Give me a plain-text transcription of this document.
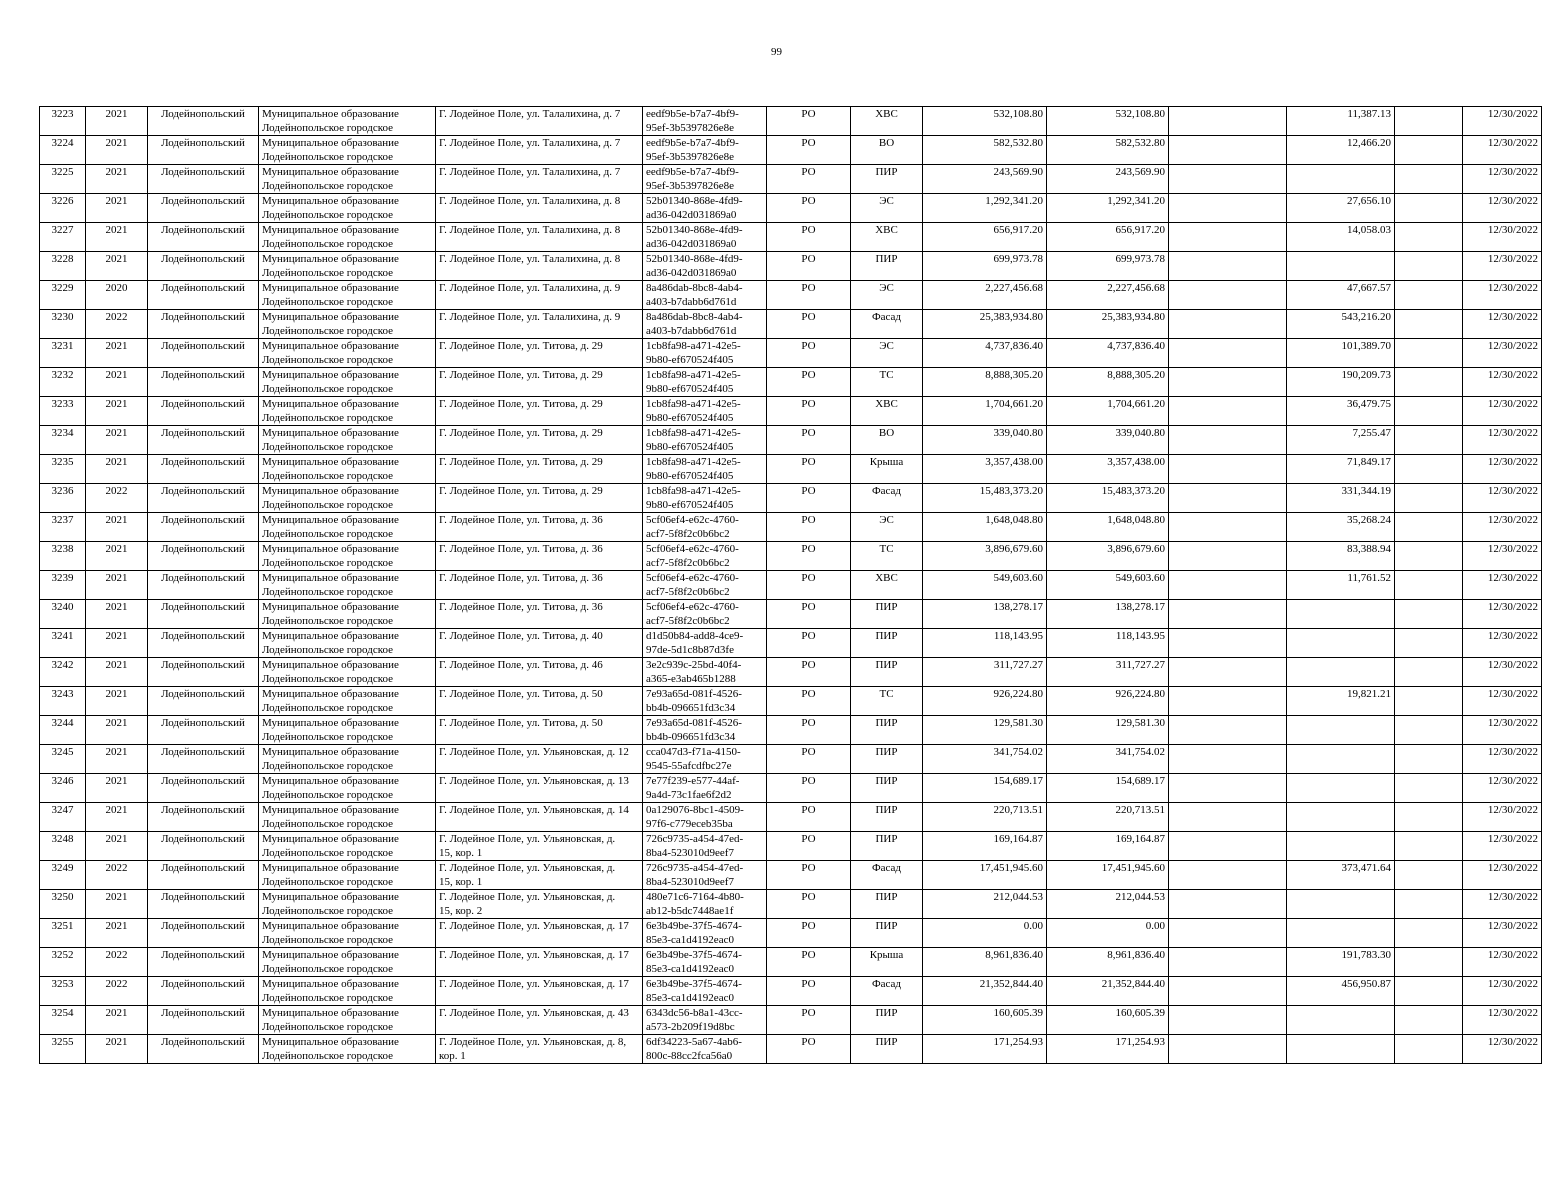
99
3223	2021	Лодейнопольский	Муниципальное образование
Лодейнопольское городское	Г. Лодейное Поле, ул. Талалихина, д. 7	eedf9b5e-b7a7-4bf9-
95ef-3b5397826e8e	РО	ХВС	532,108.80	532,108.80		11,387.13		12/30/2022
3224	2021	Лодейнопольский	Муниципальное образование
Лодейнопольское городское	Г. Лодейное Поле, ул. Талалихина, д. 7	eedf9b5e-b7a7-4bf9-
95ef-3b5397826e8e	РО	ВО	582,532.80	582,532.80		12,466.20		12/30/2022
3225	2021	Лодейнопольский	Муниципальное образование
Лодейнопольское городское	Г. Лодейное Поле, ул. Талалихина, д. 7	eedf9b5e-b7a7-4bf9-
95ef-3b5397826e8e	РО	ПИР	243,569.90	243,569.90				12/30/2022
3226	2021	Лодейнопольский	Муниципальное образование
Лодейнопольское городское	Г. Лодейное Поле, ул. Талалихина, д. 8	52b01340-868e-4fd9-
ad36-042d031869a0	РО	ЭС	1,292,341.20	1,292,341.20		27,656.10		12/30/2022
3227	2021	Лодейнопольский	Муниципальное образование
Лодейнопольское городское	Г. Лодейное Поле, ул. Талалихина, д. 8	52b01340-868e-4fd9-
ad36-042d031869a0	РО	ХВС	656,917.20	656,917.20		14,058.03		12/30/2022
3228	2021	Лодейнопольский	Муниципальное образование
Лодейнопольское городское	Г. Лодейное Поле, ул. Талалихина, д. 8	52b01340-868e-4fd9-
ad36-042d031869a0	РО	ПИР	699,973.78	699,973.78				12/30/2022
3229	2020	Лодейнопольский	Муниципальное образование
Лодейнопольское городское	Г. Лодейное Поле, ул. Талалихина, д. 9	8a486dab-8bc8-4ab4-
a403-b7dabb6d761d	РО	ЭС	2,227,456.68	2,227,456.68		47,667.57		12/30/2022
3230	2022	Лодейнопольский	Муниципальное образование
Лодейнопольское городское	Г. Лодейное Поле, ул. Талалихина, д. 9	8a486dab-8bc8-4ab4-
a403-b7dabb6d761d	РО	Фасад	25,383,934.80	25,383,934.80		543,216.20		12/30/2022
3231	2021	Лодейнопольский	Муниципальное образование
Лодейнопольское городское	Г. Лодейное Поле, ул. Титова, д. 29	1cb8fa98-a471-42e5-
9b80-ef670524f405	РО	ЭС	4,737,836.40	4,737,836.40		101,389.70		12/30/2022
3232	2021	Лодейнопольский	Муниципальное образование
Лодейнопольское городское	Г. Лодейное Поле, ул. Титова, д. 29	1cb8fa98-a471-42e5-
9b80-ef670524f405	РО	ТС	8,888,305.20	8,888,305.20		190,209.73		12/30/2022
3233	2021	Лодейнопольский	Муниципальное образование
Лодейнопольское городское	Г. Лодейное Поле, ул. Титова, д. 29	1cb8fa98-a471-42e5-
9b80-ef670524f405	РО	ХВС	1,704,661.20	1,704,661.20		36,479.75		12/30/2022
3234	2021	Лодейнопольский	Муниципальное образование
Лодейнопольское городское	Г. Лодейное Поле, ул. Титова, д. 29	1cb8fa98-a471-42e5-
9b80-ef670524f405	РО	ВО	339,040.80	339,040.80		7,255.47		12/30/2022
3235	2021	Лодейнопольский	Муниципальное образование
Лодейнопольское городское	Г. Лодейное Поле, ул. Титова, д. 29	1cb8fa98-a471-42e5-
9b80-ef670524f405	РО	Крыша	3,357,438.00	3,357,438.00		71,849.17		12/30/2022
3236	2022	Лодейнопольский	Муниципальное образование
Лодейнопольское городское	Г. Лодейное Поле, ул. Титова, д. 29	1cb8fa98-a471-42e5-
9b80-ef670524f405	РО	Фасад	15,483,373.20	15,483,373.20		331,344.19		12/30/2022
3237	2021	Лодейнопольский	Муниципальное образование
Лодейнопольское городское	Г. Лодейное Поле, ул. Титова, д. 36	5cf06ef4-e62c-4760-
acf7-5f8f2c0b6bc2	РО	ЭС	1,648,048.80	1,648,048.80		35,268.24		12/30/2022
3238	2021	Лодейнопольский	Муниципальное образование
Лодейнопольское городское	Г. Лодейное Поле, ул. Титова, д. 36	5cf06ef4-e62c-4760-
acf7-5f8f2c0b6bc2	РО	ТС	3,896,679.60	3,896,679.60		83,388.94		12/30/2022
3239	2021	Лодейнопольский	Муниципальное образование
Лодейнопольское городское	Г. Лодейное Поле, ул. Титова, д. 36	5cf06ef4-e62c-4760-
acf7-5f8f2c0b6bc2	РО	ХВС	549,603.60	549,603.60		11,761.52		12/30/2022
3240	2021	Лодейнопольский	Муниципальное образование
Лодейнопольское городское	Г. Лодейное Поле, ул. Титова, д. 36	5cf06ef4-e62c-4760-
acf7-5f8f2c0b6bc2	РО	ПИР	138,278.17	138,278.17				12/30/2022
3241	2021	Лодейнопольский	Муниципальное образование
Лодейнопольское городское	Г. Лодейное Поле, ул. Титова, д. 40	d1d50b84-add8-4ce9-
97de-5d1c8b87d3fe	РО	ПИР	118,143.95	118,143.95				12/30/2022
3242	2021	Лодейнопольский	Муниципальное образование
Лодейнопольское городское	Г. Лодейное Поле, ул. Титова, д. 46	3e2c939c-25bd-40f4-
a365-e3ab465b1288	РО	ПИР	311,727.27	311,727.27				12/30/2022
3243	2021	Лодейнопольский	Муниципальное образование
Лодейнопольское городское	Г. Лодейное Поле, ул. Титова, д. 50	7e93a65d-081f-4526-
bb4b-096651fd3c34	РО	ТС	926,224.80	926,224.80		19,821.21		12/30/2022
3244	2021	Лодейнопольский	Муниципальное образование
Лодейнопольское городское	Г. Лодейное Поле, ул. Титова, д. 50	7e93a65d-081f-4526-
bb4b-096651fd3c34	РО	ПИР	129,581.30	129,581.30				12/30/2022
3245	2021	Лодейнопольский	Муниципальное образование
Лодейнопольское городское	Г. Лодейное Поле, ул. Ульяновская, д. 12	cca047d3-f71a-4150-
9545-55afcdfbc27e	РО	ПИР	341,754.02	341,754.02				12/30/2022
3246	2021	Лодейнопольский	Муниципальное образование
Лодейнопольское городское	Г. Лодейное Поле, ул. Ульяновская, д. 13	7e77f239-e577-44af-
9a4d-73c1fae6f2d2	РО	ПИР	154,689.17	154,689.17				12/30/2022
3247	2021	Лодейнопольский	Муниципальное образование
Лодейнопольское городское	Г. Лодейное Поле, ул. Ульяновская, д. 14	0a129076-8bc1-4509-
97f6-c779eceb35ba	РО	ПИР	220,713.51	220,713.51				12/30/2022
3248	2021	Лодейнопольский	Муниципальное образование
Лодейнопольское городское	Г. Лодейное Поле, ул. Ульяновская, д.
15, кор. 1	726c9735-a454-47ed-
8ba4-523010d9eef7	РО	ПИР	169,164.87	169,164.87				12/30/2022
3249	2022	Лодейнопольский	Муниципальное образование
Лодейнопольское городское	Г. Лодейное Поле, ул. Ульяновская, д.
15, кор. 1	726c9735-a454-47ed-
8ba4-523010d9eef7	РО	Фасад	17,451,945.60	17,451,945.60		373,471.64		12/30/2022
3250	2021	Лодейнопольский	Муниципальное образование
Лодейнопольское городское	Г. Лодейное Поле, ул. Ульяновская, д.
15, кор. 2	480e71c6-7164-4b80-
ab12-b5dc7448ae1f	РО	ПИР	212,044.53	212,044.53				12/30/2022
3251	2021	Лодейнопольский	Муниципальное образование
Лодейнопольское городское	Г. Лодейное Поле, ул. Ульяновская, д. 17	6e3b49be-37f5-4674-
85e3-ca1d4192eac0	РО	ПИР	0.00	0.00				12/30/2022
3252	2022	Лодейнопольский	Муниципальное образование
Лодейнопольское городское	Г. Лодейное Поле, ул. Ульяновская, д. 17	6e3b49be-37f5-4674-
85e3-ca1d4192eac0	РО	Крыша	8,961,836.40	8,961,836.40		191,783.30		12/30/2022
3253	2022	Лодейнопольский	Муниципальное образование
Лодейнопольское городское	Г. Лодейное Поле, ул. Ульяновская, д. 17	6e3b49be-37f5-4674-
85e3-ca1d4192eac0	РО	Фасад	21,352,844.40	21,352,844.40		456,950.87		12/30/2022
3254	2021	Лодейнопольский	Муниципальное образование
Лодейнопольское городское	Г. Лодейное Поле, ул. Ульяновская, д. 43	6343dc56-b8a1-43cc-
a573-2b209f19d8bc	РО	ПИР	160,605.39	160,605.39				12/30/2022
3255	2021	Лодейнопольский	Муниципальное образование
Лодейнопольское городское	Г. Лодейное Поле, ул. Ульяновская, д. 8,
кор. 1	6df34223-5a67-4ab6-
800c-88cc2fca56a0	РО	ПИР	171,254.93	171,254.93				12/30/2022
